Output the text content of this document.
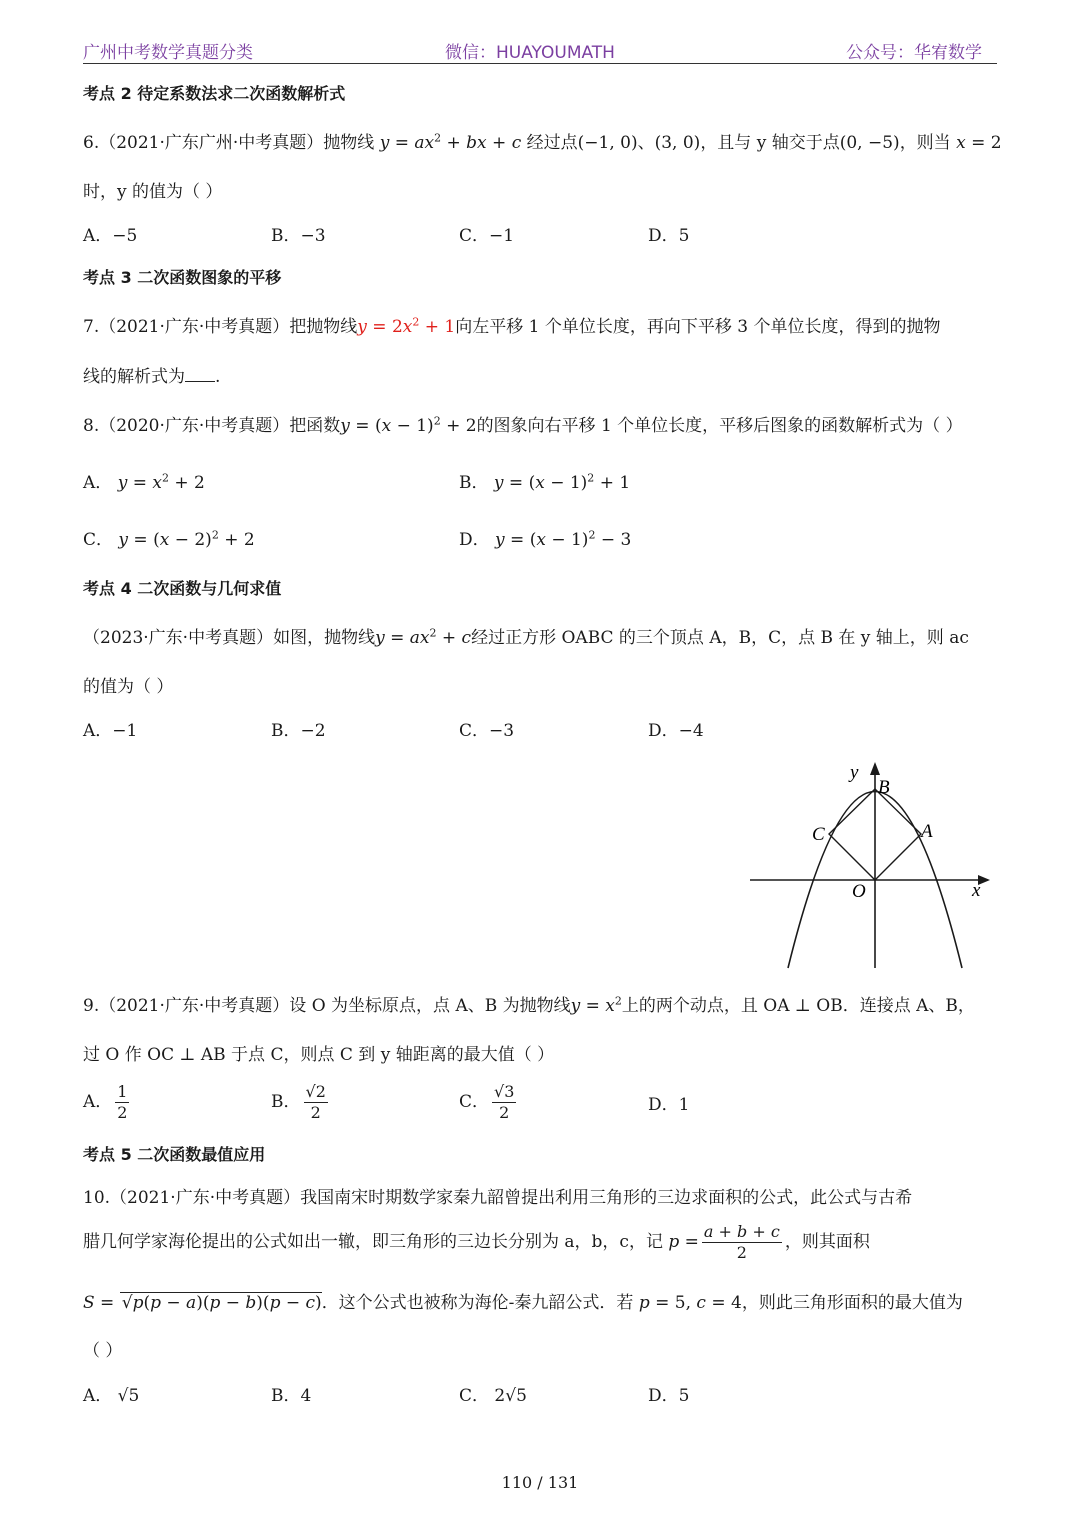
广州中考数学真题分类	微信：HUAYOUMATH	公众号：华宥数学
考点 2 待定系数法求二次函数解析式
6.（2021·广东广州·中考真题）抛物线 $y = ax^2$ + bx + c 经过点(−1, 0)、(3, 0)，且与 y 轴交于点(0, −5)，则当 x = 2
时，y 的值为（ ）
A．−5	B．−3	C．−1	D．5
考点 3 二次函数图象的平移
7.（2021·广东·中考真题）把抛物线$y = 2x^2 + 1$向左平移 1 个单位长度，再向下平移 3 个单位长度，得到的抛物
线的解析式为 .
8.（2020·广东·中考真题）把函数$y = (x - 1)^2 + 2$的图象向右平移 1 个单位长度，平移后图象的函数解析式为（ ）
A． $y = x^2 + 2$	B． $y = (x - 1)^2 + 1$
C． $y = (x - 2)^2 + 2$	D． $y = (x - 1)^2 - 3$
考点 4 二次函数与几何求值
（2023·广东·中考真题）如图，抛物线$y = ax^2 + c$经过正方形 OABC 的三个顶点 A，B，C，点 B 在 y 轴上，则 ac
的值为（ ）
A．−1	B．−2	C．−3	D．−4
y
B
C	A
O	x
9.（2021·广东·中考真题）设 O 为坐标原点，点 A、B 为抛物线$y = x^2$上的两个动点，且 OA ⊥ OB．连接点 A、B，
过 O 作 OC ⊥ AB 于点 C，则点 C 到 y 轴距离的最大值（ ）
A． $\frac{1}{2}$	B． $\frac{√2}{2}$	C． $\frac{√3}{2}$	D．1
考点 5 二次函数最值应用
10.（2021·广东·中考真题）我国南宋时期数学家秦九韶曾提出利用三角形的三边求面积的公式，此公式与古希
腊几何学家海伦提出的公式如出一辙，即三角形的三边长分别为 a，b，c，记 $p = \frac{a + b + c}{2}$ ，则其面积
S = √p(p − a)(p − b)(p − c)．这个公式也被称为海伦-秦九韶公式．若 p = 5, c = 4，则此三角形面积的最大值为
（ ）
A． √5	B．4	C． 2√5	D．5
110 / 131
